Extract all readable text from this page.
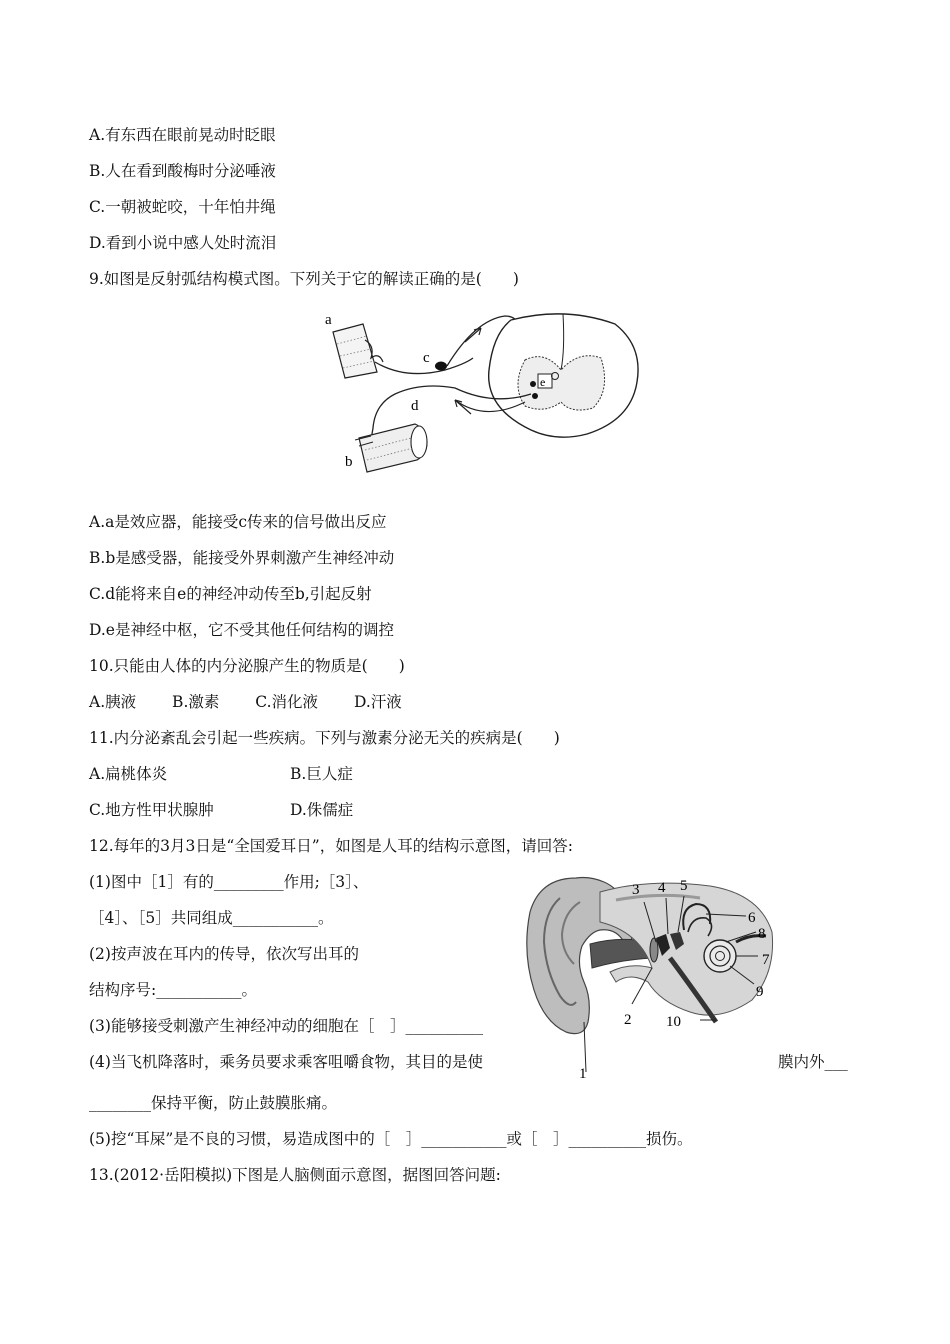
A.有东西在眼前晃动时眨眼
B.人在看到酸梅时分泌唾液
C.一朝被蛇咬，十年怕井绳
D.看到小说中感人处时流泪
9.如图是反射弧结构模式图。下列关于它的解读正确的是(　　)
a
c
e
d
b
A.a是效应器，能接受c传来的信号做出反应
B.b是感受器，能接受外界刺激产生神经冲动
C.d能将来自e的神经冲动传至b,引起反射
D.e是神经中枢，它不受其他任何结构的调控
10.只能由人体的内分泌腺产生的物质是(　　)
A.胰液　　 B.激素　　 C.消化液　　 D.汗液
11.内分泌紊乱会引起一些疾病。下列与激素分泌无关的疾病是(　　)
A.扁桃体炎	B.巨人症
C.地方性甲状腺肿	D.侏儒症
12.每年的3月3日是“全国爱耳日”，如图是人耳的结构示意图，请回答:
(1)图中［1］有的_________作用;［3］、
［4］、［5］共同组成___________。
(2)按声波在耳内的传导，依次写出耳的
结构序号:___________。
(3)能够接受刺激产生神经冲动的细胞在［　］__________
(4)当飞机降落时，乘务员要求乘客咀嚼食物，其目的是使	膜内外___
________保持平衡，防止鼓膜胀痛。
(5)挖“耳屎”是不良的习惯，易造成图中的［　］___________或［　］__________损伤。
1
2
3 4 5
6
7
8
9
10
13.(2012·岳阳模拟)下图是人脑侧面示意图，据图回答问题:
